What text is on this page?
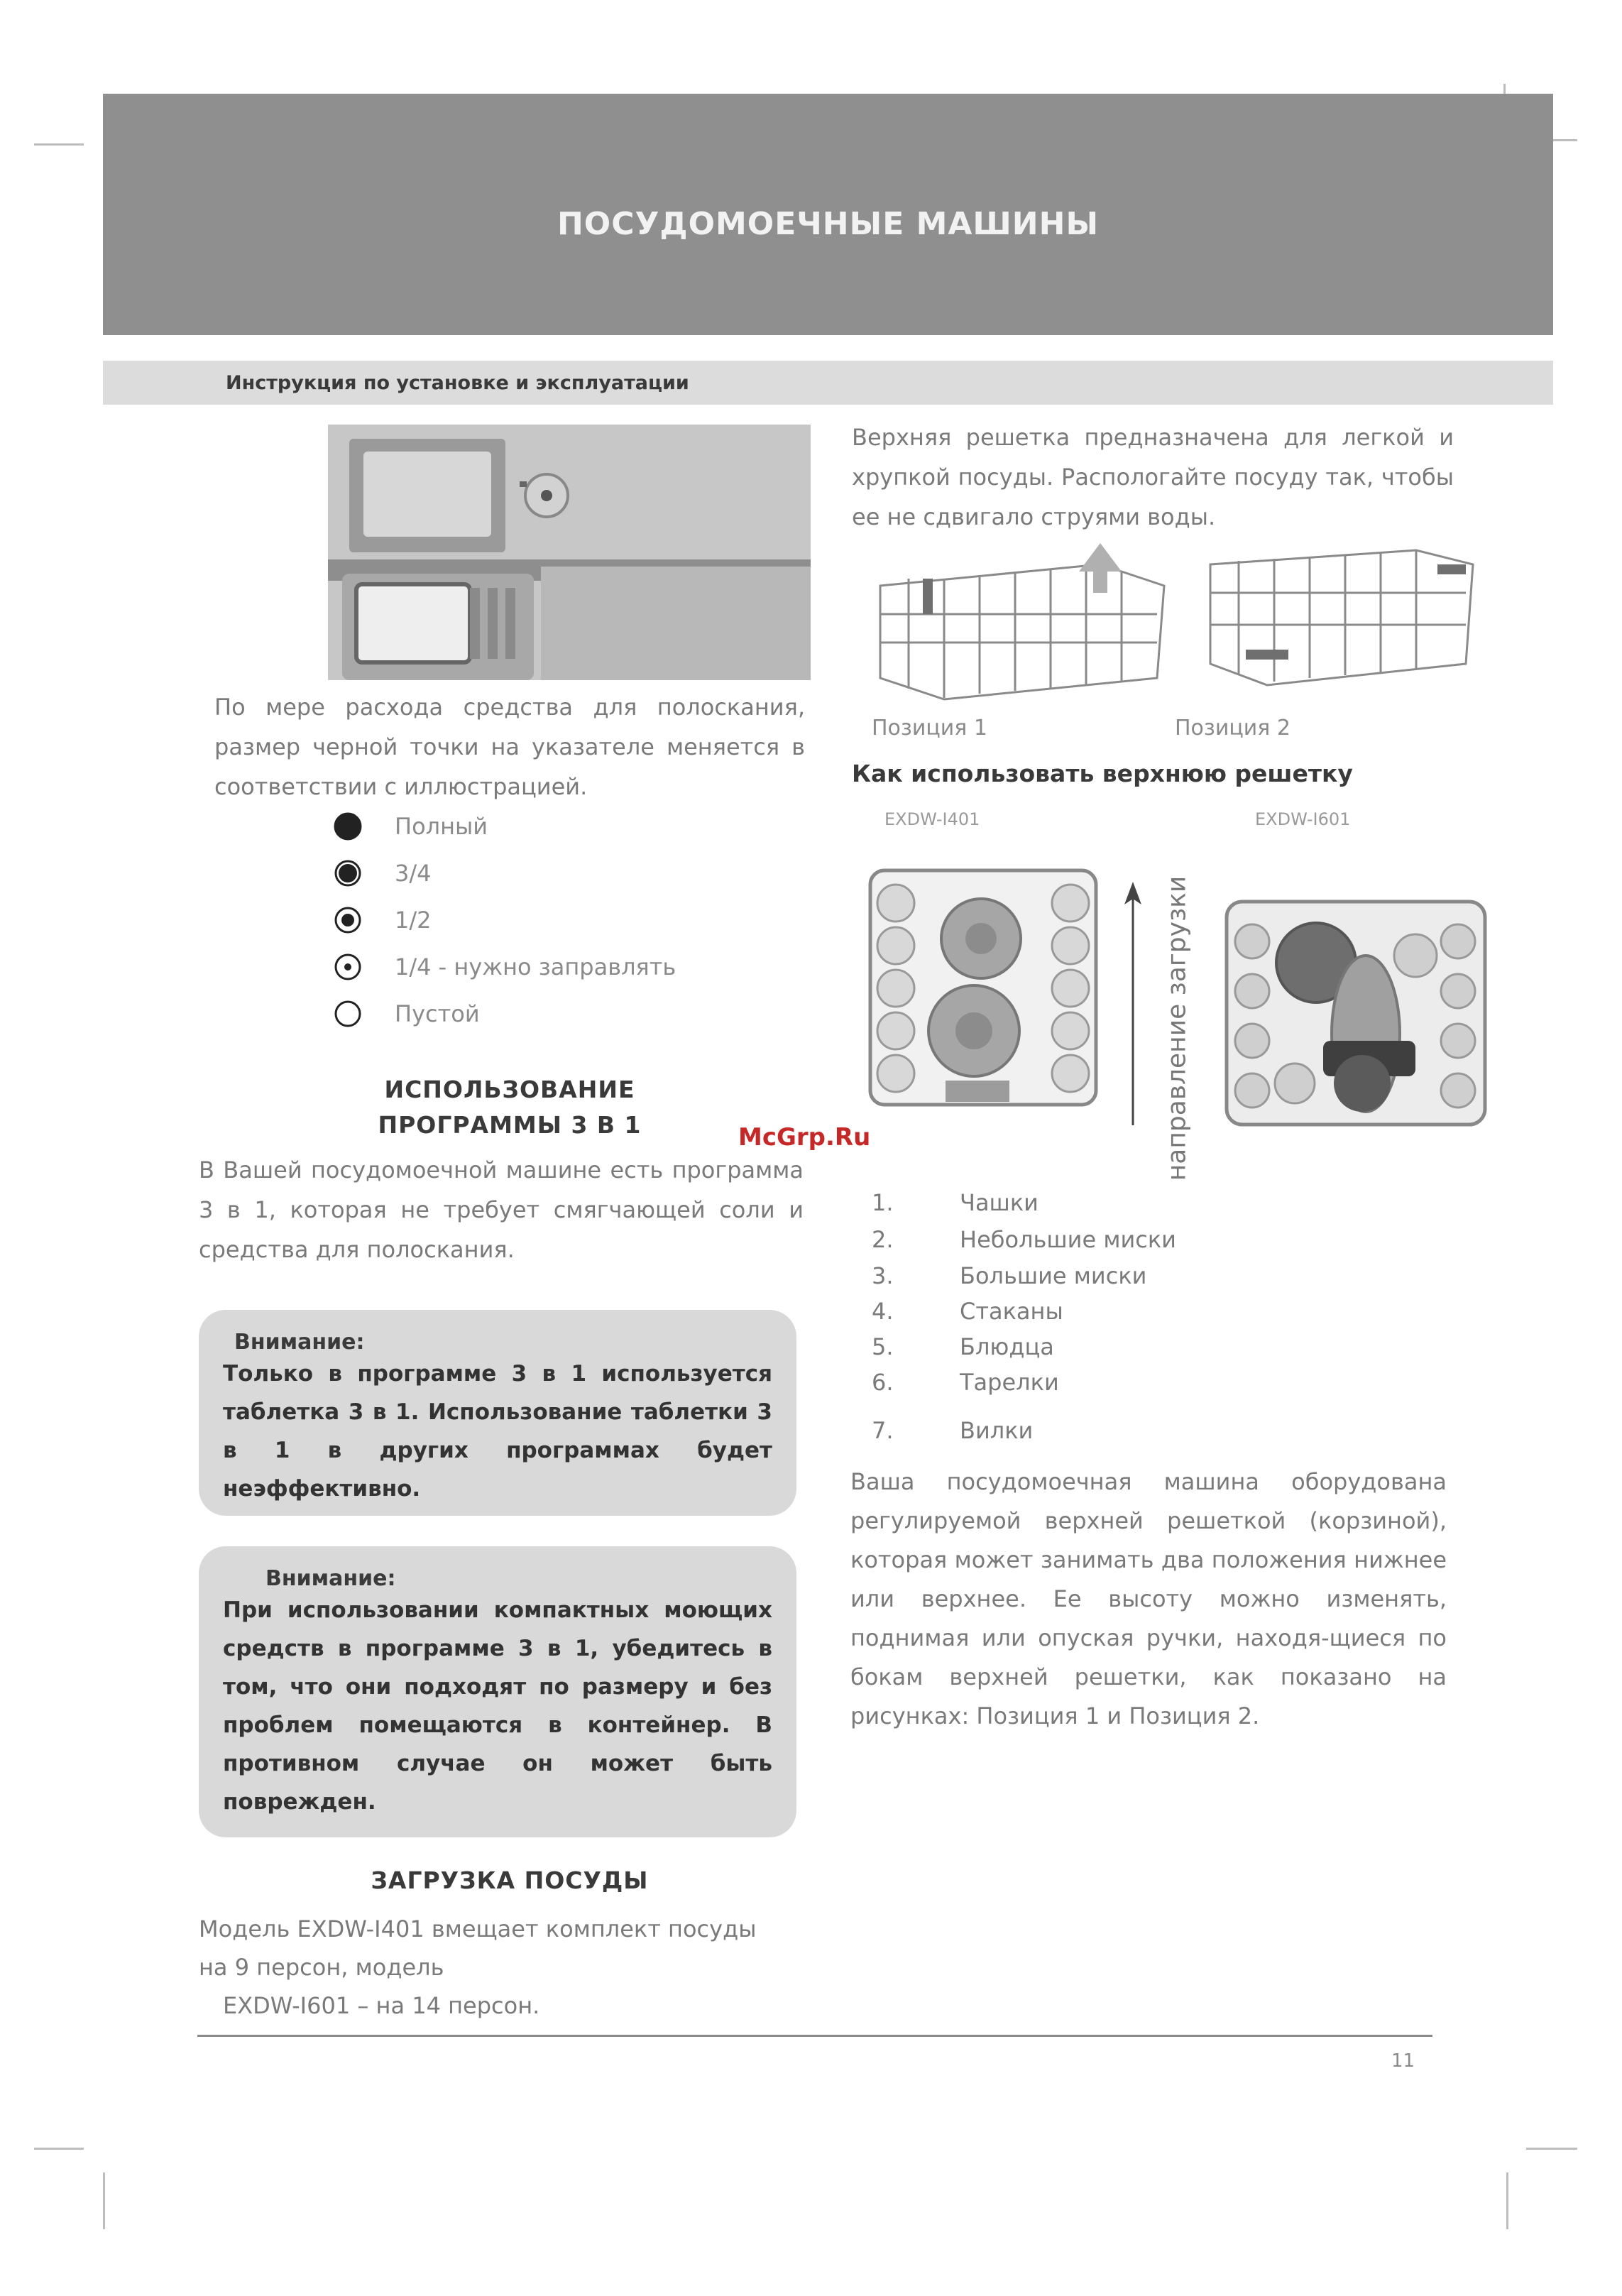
ПОСУДОМОЕЧНЫЕ МАШИНЫ
Инструкция по установке и эксплуатации
По мере расхода средства для полоскания, размер черной точки на указателе меняется в соответствии с иллюстрацией.
Полный
3/4
1/2
1/4 - нужно заправлять
Пустой
ИСПОЛЬЗОВАНИЕ
ПРОГРАММЫ 3 В 1
В Вашей посудомоечной машине есть программа 3 в 1, которая не требует смягчающей соли и средства для полоскания.
Внимание:
Только в программе 3 в 1 используется таблетка 3 в 1. Использование таблетки 3 в 1 в других программах будет неэффективно.
Внимание:
При использовании компактных моющих средств в программе 3 в 1, убедитесь в том, что они подходят по размеру и без проблем помещаются в контейнер. В противном случае он может быть поврежден.
ЗАГРУЗКА ПОСУДЫ
Модель EXDW-I401 вмещает комплект посуды на 9 персон, модель
EXDW-I601 – на 14 персон.
Верхняя решетка предназначена для легкой и хрупкой посуды. Распологайте посуду так, чтобы ее не сдвигало струями воды.
Позиция 1	Позиция 2
Как использовать верхнюю решетку
EXDW-I401	EXDW-I601
направление загрузки
McGrp.Ru
1.	Чашки
2.	Небольшие миски
3.	Большие миски
4.	Стаканы
5.	Блюдца
6.	Тарелки
7.	Вилки
Ваша посудомоечная машина оборудована регулируемой верхней решеткой (корзиной), которая может занимать два положения нижнее или верхнее. Ее высоту можно изменять, поднимая или опуская ручки, находя-щиеся по бокам верхней решетки, как показано на рисунках: Позиция 1 и Позиция 2.
11
